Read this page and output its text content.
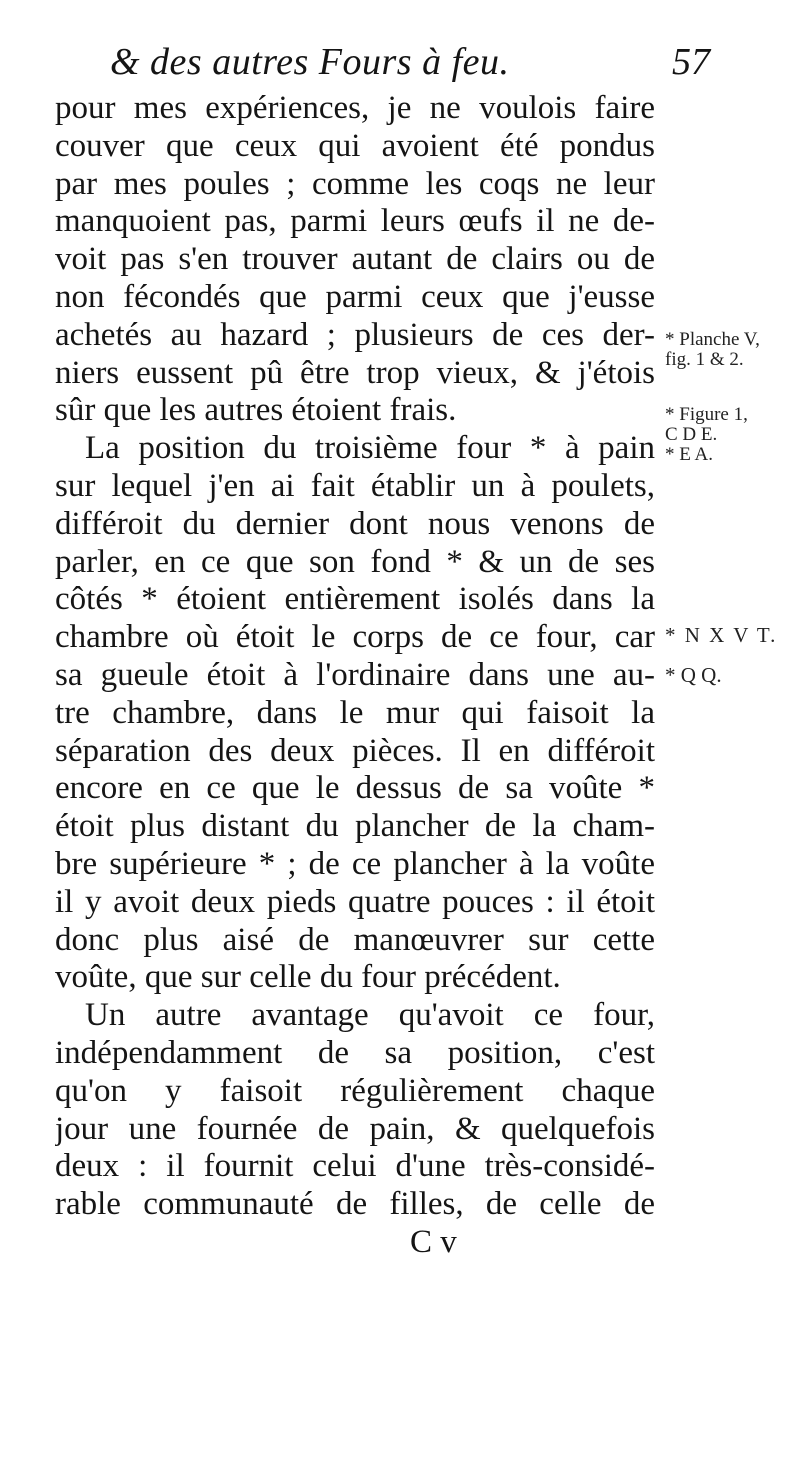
& des autres Fours à feu.	57
pour mes expériences, je ne voulois faire
couver que ceux qui avoient été pondus
par mes poules ; comme les coqs ne leur
manquoient pas, parmi leurs œufs il ne de-
voit pas s'en trouver autant de clairs ou de
non fécondés que parmi ceux que j'eusse
achetés au hazard ; plusieurs de ces der-
niers eussent pû être trop vieux, & j'étois
sûr que les autres étoient frais.
La position du troisième four * à pain
sur lequel j'en ai fait établir un à poulets,
différoit du dernier dont nous venons de
parler, en ce que son fond * & un de ses
côtés * étoient entièrement isolés dans la
chambre où étoit le corps de ce four, car
sa gueule étoit à l'ordinaire dans une au-
tre chambre, dans le mur qui faisoit la
séparation des deux pièces. Il en différoit
encore en ce que le dessus de sa voûte *
étoit plus distant du plancher de la cham-
bre supérieure * ; de ce plancher à la voûte
il y avoit deux pieds quatre pouces : il étoit
donc plus aisé de manœuvrer sur cette
voûte, que sur celle du four précédent.
Un autre avantage qu'avoit ce four,
indépendamment de sa position, c'est
qu'on y faisoit régulièrement chaque
jour une fournée de pain, & quelquefois
deux : il fournit celui d'une très-considé-
rable communauté de filles, de celle de
C v
* Planche V,
fig. 1 & 2.
* Figure 1,
C D E.
* E A.
* N X V T.
* Q Q.
